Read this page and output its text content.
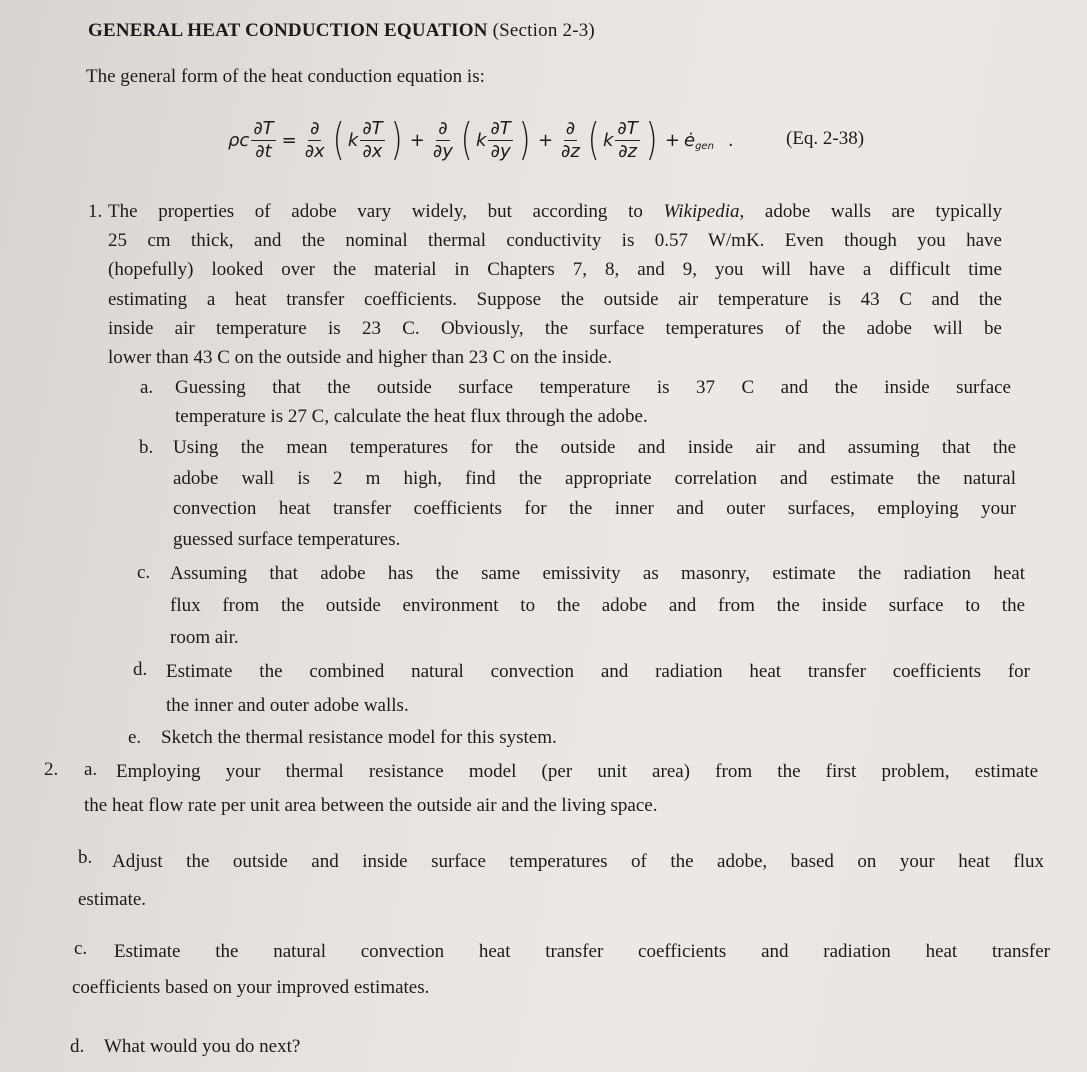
GENERAL HEAT CONDUCTION EQUATION (Section 2-3)
The general form of the heat conduction equation is:
ρc $\frac{\partial T}{\partial t} = \frac{\partial}{\partial x}$ ( k $\frac{\partial T}{\partial x}$ ) + $\frac{\partial}{\partial y}$ ( k $\frac{\partial T}{\partial y}$ ) + $\frac{\partial}{\partial z}$ ( k $\frac{\partial T}{\partial z}$ ) + ė gen .	(Eq. 2-38)
1. The properties of adobe vary widely, but according to Wikipedia, adobe walls are typically
25 cm thick, and the nominal thermal conductivity is 0.57 W/mK. Even though you have
(hopefully) looked over the material in Chapters 7, 8, and 9, you will have a difficult time
estimating a heat transfer coefficients. Suppose the outside air temperature is 43 C and the
inside air temperature is 23 C. Obviously, the surface temperatures of the adobe will be
lower than 43 C on the outside and higher than 23 C on the inside.
a. Guessing that the outside surface temperature is 37 C and the inside surface
temperature is 27 C, calculate the heat flux through the adobe.
b. Using the mean temperatures for the outside and inside air and assuming that the
adobe wall is 2 m high, find the appropriate correlation and estimate the natural
convection heat transfer coefficients for the inner and outer surfaces, employing your
guessed surface temperatures.
c. Assuming that adobe has the same emissivity as masonry, estimate the radiation heat
flux from the outside environment to the adobe and from the inside surface to the
room air.
d. Estimate the combined natural convection and radiation heat transfer coefficients for
the inner and outer adobe walls.
e. Sketch the thermal resistance model for this system.
2. a. Employing your thermal resistance model (per unit area) from the first problem, estimate
the heat flow rate per unit area between the outside air and the living space.
b.	Adjust the outside and inside surface temperatures of the adobe, based on your heat flux
estimate.
c.	Estimate the natural convection heat transfer coefficients and radiation heat transfer
coefficients based on your improved estimates.
d. What would you do next?
